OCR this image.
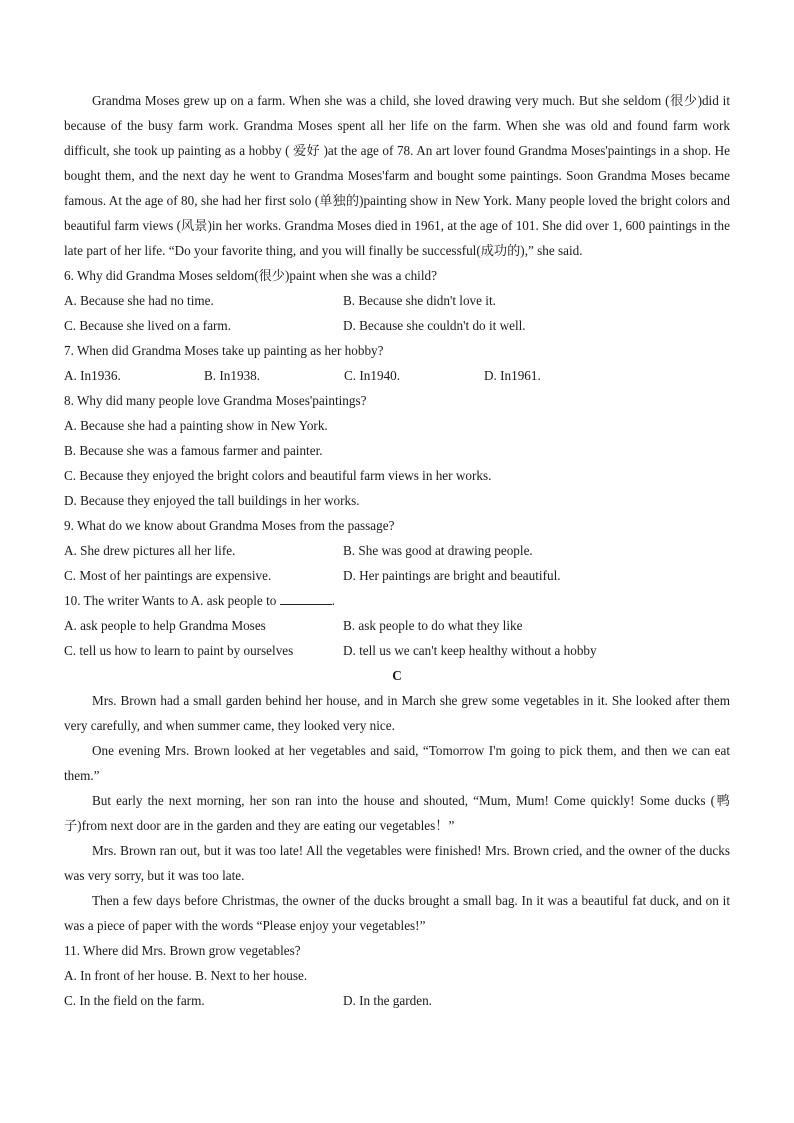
Grandma Moses grew up on a farm. When she was a child, she loved drawing very much. But she seldom (很少)did it because of the busy farm work. Grandma Moses spent all her life on the farm. When she was old and found farm work difficult, she took up painting as a hobby ( 爱好 )at the age of 78. An art lover found Grandma Moses'paintings in a shop. He bought them, and the next day he went to Grandma Moses'farm and bought some paintings. Soon Grandma Moses became famous. At the age of 80, she had her first solo (单独的)painting show in New York. Many people loved the bright colors and beautiful farm views (风景)in her works. Grandma Moses died in 1961, at the age of 101. She did over 1, 600 paintings in the late part of her life. “Do your favorite thing, and you will finally be successful(成功的),” she said.

6. Why did Grandma Moses seldom(很少)paint when she was a child?
A. Because she had no time.	B. Because she didn't love it.
C. Because she lived on a farm.	D. Because she couldn't do it well.
7. When did Grandma Moses take up painting as her hobby?
A. In1936.	B. In1938.	C. In1940.	D. In1961.
8. Why did many people love Grandma Moses'paintings?
A. Because she had a painting show in New York.
B. Because she was a famous farmer and painter.
C. Because they enjoyed the bright colors and beautiful farm views in her works.
D. Because they enjoyed the tall buildings in her works.
9. What do we know about Grandma Moses from the passage?
A. She drew pictures all her life.	B. She was good at drawing people.
C. Most of her paintings are expensive.	D. Her paintings are bright and beautiful.
10. The writer Wants to A. ask people to	.
A. ask people to help Grandma Moses	B. ask people to do what they like
C. tell us how to learn to paint by ourselves	D. tell us we can't keep healthy without a hobby
C

Mrs. Brown had a small garden behind her house, and in March she grew some vegetables in it. She looked after them very carefully, and when summer came, they looked very nice.

One evening Mrs. Brown looked at her vegetables and said, “Tomorrow I'm going to pick them, and then we can eat them.”

But early the next morning, her son ran into the house and shouted, “Mum, Mum! Come quickly! Some ducks (鸭子)from next door are in the garden and they are eating our vegetables！”

Mrs. Brown ran out, but it was too late! All the vegetables were finished! Mrs. Brown cried, and the owner of the ducks was very sorry, but it was too late.

Then a few days before Christmas, the owner of the ducks brought a small bag. In it was a beautiful fat duck, and on it was a piece of paper with the words “Please enjoy your vegetables!”

11. Where did Mrs. Brown grow vegetables?
A. In front of her house. B. Next to her house.
C. In the field on the farm.	D. In the garden.
